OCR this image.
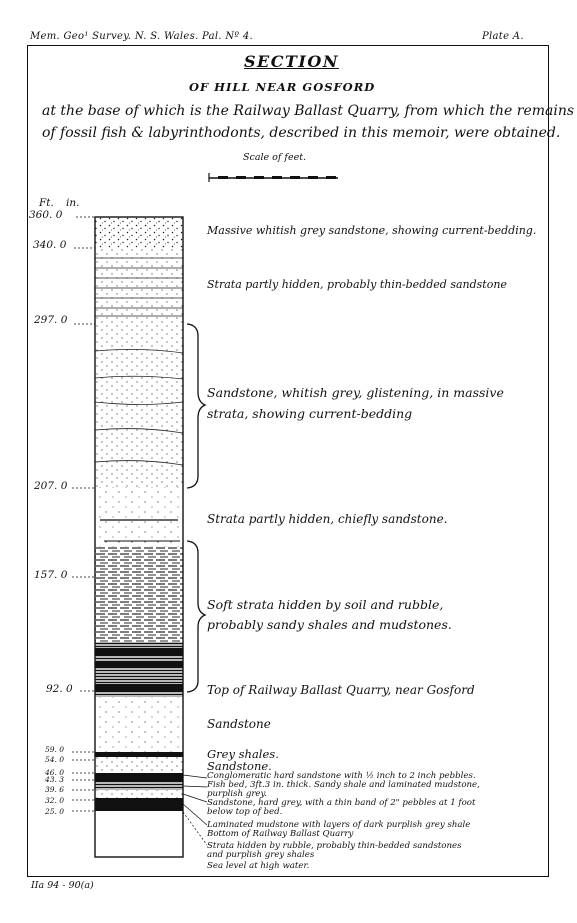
Mem. Geo¹ Survey. N. S. Wales. Pal. Nº 4.	Plate A.
SECTION
OF HILL NEAR GOSFORD
at the base of which is the Railway Ballast Quarry, from which the remains
of fossil fish & labyrinthodonts, described in this memoir, were obtained.
Scale of feet.
Ft. in.
360. 0
340. 0
297. 0
207. 0
157. 0
92. 0
59. 0
54. 0
46. 0
43. 3
39. 6
32. 0
25. 0
Massive whitish grey sandstone, showing current-bedding.
Strata partly hidden, probably thin-bedded sandstone
Sandstone, whitish grey, glistening, in massive
strata, showing current-bedding
Strata partly hidden, chiefly sandstone.
Soft strata hidden by soil and rubble,
probably sandy shales and mudstones.
Top of Railway Ballast Quarry, near Gosford
Sandstone
Grey shales.
Sandstone.
Conglomeratic hard sandstone with ½ inch to 2 inch pebbles.
Fish bed, 3ft.3 in. thick. Sandy shale and laminated mudstone,
purplish grey.
Sandstone, hard grey, with a thin band of 2" pebbles at 1 foot
below top of bed.
Laminated mudstone with layers of dark purplish grey shale
Bottom of Railway Ballast Quarry
Strata hidden by rubble, probably thin-bedded sandstones
and purplish grey shales
Sea level at high water.
IIa 94 - 90(a)
